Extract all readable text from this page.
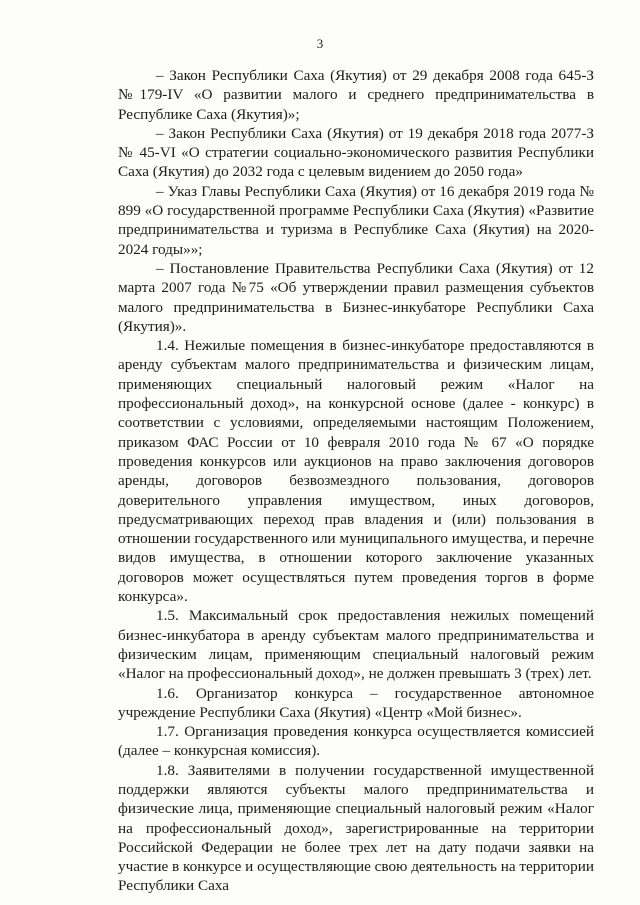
3

– Закон Республики Саха (Якутия) от 29 декабря 2008 года 645-З №179-IV «О развитии малого и среднего предпринимательства в Республике Саха (Якутия)»;

– Закон Республики Саха (Якутия) от 19 декабря 2018 года 2077-З № 45-VI «О стратегии социально-экономического развития Республики Саха (Якутия) до 2032 года с целевым видением до 2050 года»

– Указ Главы Республики Саха (Якутия) от 16 декабря 2019 года № 899 «О государственной программе Республики Саха (Якутия) «Развитие предпринимательства и туризма в Республике Саха (Якутия) на 2020-2024 годы»»;

– Постановление Правительства Республики Саха (Якутия) от 12 марта 2007 года №75 «Об утверждении правил размещения субъектов малого предпринимательства в Бизнес-инкубаторе Республики Саха (Якутия)».

1.4. Нежилые помещения в бизнес-инкубаторе предоставляются в аренду субъектам малого предпринимательства и физическим лицам, применяющих специальный налоговый режим «Налог на профессиональный доход», на конкурсной основе (далее - конкурс) в соответствии с условиями, определяемыми настоящим Положением, приказом ФАС России от 10 февраля 2010 года № 67 «О порядке проведения конкурсов или аукционов на право заключения договоров аренды, договоров безвозмездного пользования, договоров доверительного управления имуществом, иных договоров, предусматривающих переход прав владения и (или) пользования в отношении государственного или муниципального имущества, и перечне видов имущества, в отношении которого заключение указанных договоров может осуществляться путем проведения торгов в форме конкурса».

1.5. Максимальный срок предоставления нежилых помещений бизнес-инкубатора в аренду субъектам малого предпринимательства и физическим лицам, применяющим специальный налоговый режим «Налог на профессиональный доход», не должен превышать 3 (трех) лет.

1.6. Организатор конкурса – государственное автономное учреждение Республики Саха (Якутия) «Центр «Мой бизнес».

1.7. Организация проведения конкурса осуществляется комиссией (далее – конкурсная комиссия).

1.8. Заявителями в получении государственной имущественной поддержки являются субъекты малого предпринимательства и физические лица, применяющие специальный налоговый режим «Налог на профессиональный доход», зарегистрированные на территории Российской Федерации не более трех лет на дату подачи заявки на участие в конкурсе и осуществляющие свою деятельность на территории Республики Саха
